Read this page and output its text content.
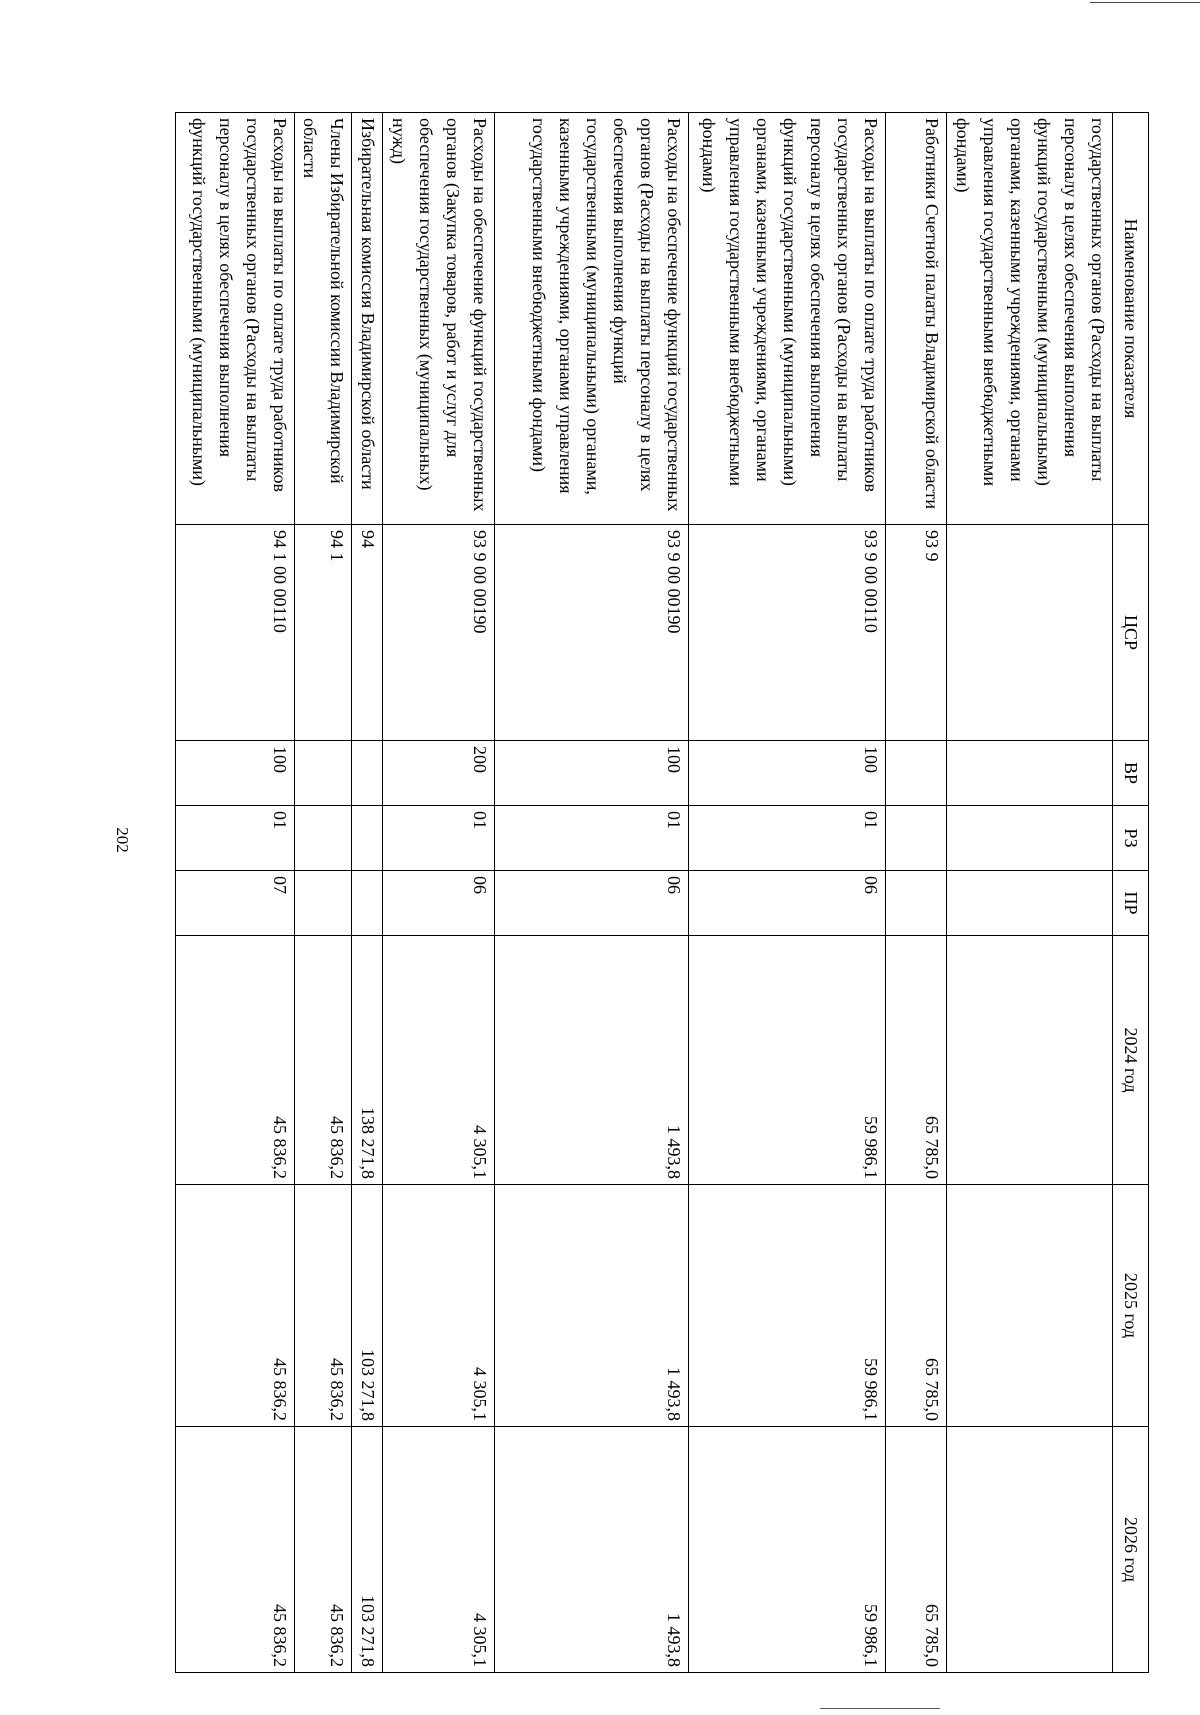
202
Наименование показателя	ЦСР	ВР	РЗ	ПР	2024 год	2025 год	2026 год
государственных органов (Расходы на выплаты персоналу в целях обеспечения выполнения функций государственными (муниципальными) органами, казенными учреждениями, органами управления государственными внебюджетными фондами)							
Работники Счетной палаты Владимирской области	93 9				65 785,0	65 785,0	65 785,0
Расходы на выплаты по оплате труда работников государственных органов (Расходы на выплаты персоналу в целях обеспечения выполнения функций государственными (муниципальными) органами, казенными учреждениями, органами управления государственными внебюджетными фондами)	93 9 00 00110	100	01	06	59 986,1	59 986,1	59 986,1
Расходы на обеспечение функций государственных органов (Расходы на выплаты персоналу в целях обеспечения выполнения функций государственными (муниципальными) органами, казенными учреждениями, органами управления государственными внебюджетными фондами)	93 9 00 00190	100	01	06	1 493,8	1 493,8	1 493,8
Расходы на обеспечение функций государственных органов (Закупка товаров, работ и услуг для обеспечения государственных (муниципальных) нужд)	93 9 00 00190	200	01	06	4 305,1	4 305,1	4 305,1
Избирательная комиссия Владимирской области	94				138 271,8	103 271,8	103 271,8
Члены Избирательной комиссии Владимирской области	94 1				45 836,2	45 836,2	45 836,2
Расходы на выплаты по оплате труда работников государственных органов (Расходы на выплаты персоналу в целях обеспечения выполнения функций государственными (муниципальными)	94 1 00 00110	100	01	07	45 836,2	45 836,2	45 836,2
